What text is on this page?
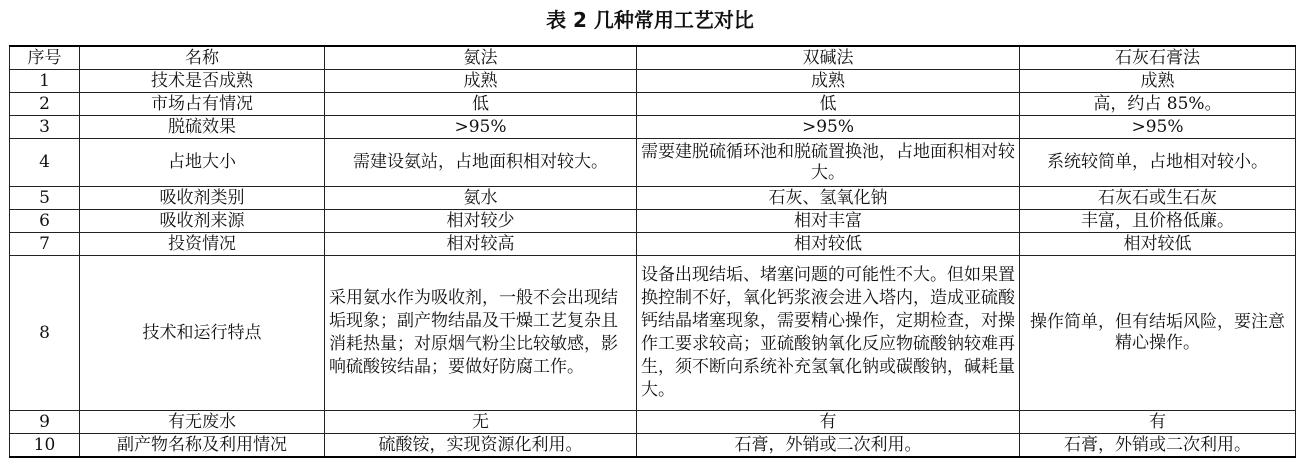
表 2 几种常用工艺对比
序号	名称	氨法	双碱法	石灰石膏法
1	技术是否成熟	成熟	成熟	成熟
2	市场占有情况	低	低	高，约占 85%。
3	脱硫效果	>95%	>95%	>95%
4	占地大小	需建设氨站，占地面积相对较大。	需要建脱硫循环池和脱硫置换池，占地面积相对较大。	系统较简单，占地相对较小。
5	吸收剂类别	氨水	石灰、氢氧化钠	石灰石或生石灰
6	吸收剂来源	相对较少	相对丰富	丰富，且价格低廉。
7	投资情况	相对较高	相对较低	相对较低
8	技术和运行特点	采用氨水作为吸收剂，一般不会出现结垢现象；副产物结晶及干燥工艺复杂且消耗热量；对原烟气粉尘比较敏感，影响硫酸铵结晶；要做好防腐工作。	设备出现结垢、堵塞问题的可能性不大。但如果置换控制不好，氧化钙浆液会进入塔内，造成亚硫酸钙结晶堵塞现象，需要精心操作，定期检查，对操作工要求较高；亚硫酸钠氧化反应物硫酸钠较难再生，须不断向系统补充氢氧化钠或碳酸钠，碱耗量大。	操作简单，但有结垢风险，要注意精心操作。
9	有无废水	无	有	有
10	副产物名称及利用情况	硫酸铵，实现资源化利用。	石膏，外销或二次利用。	石膏，外销或二次利用。
